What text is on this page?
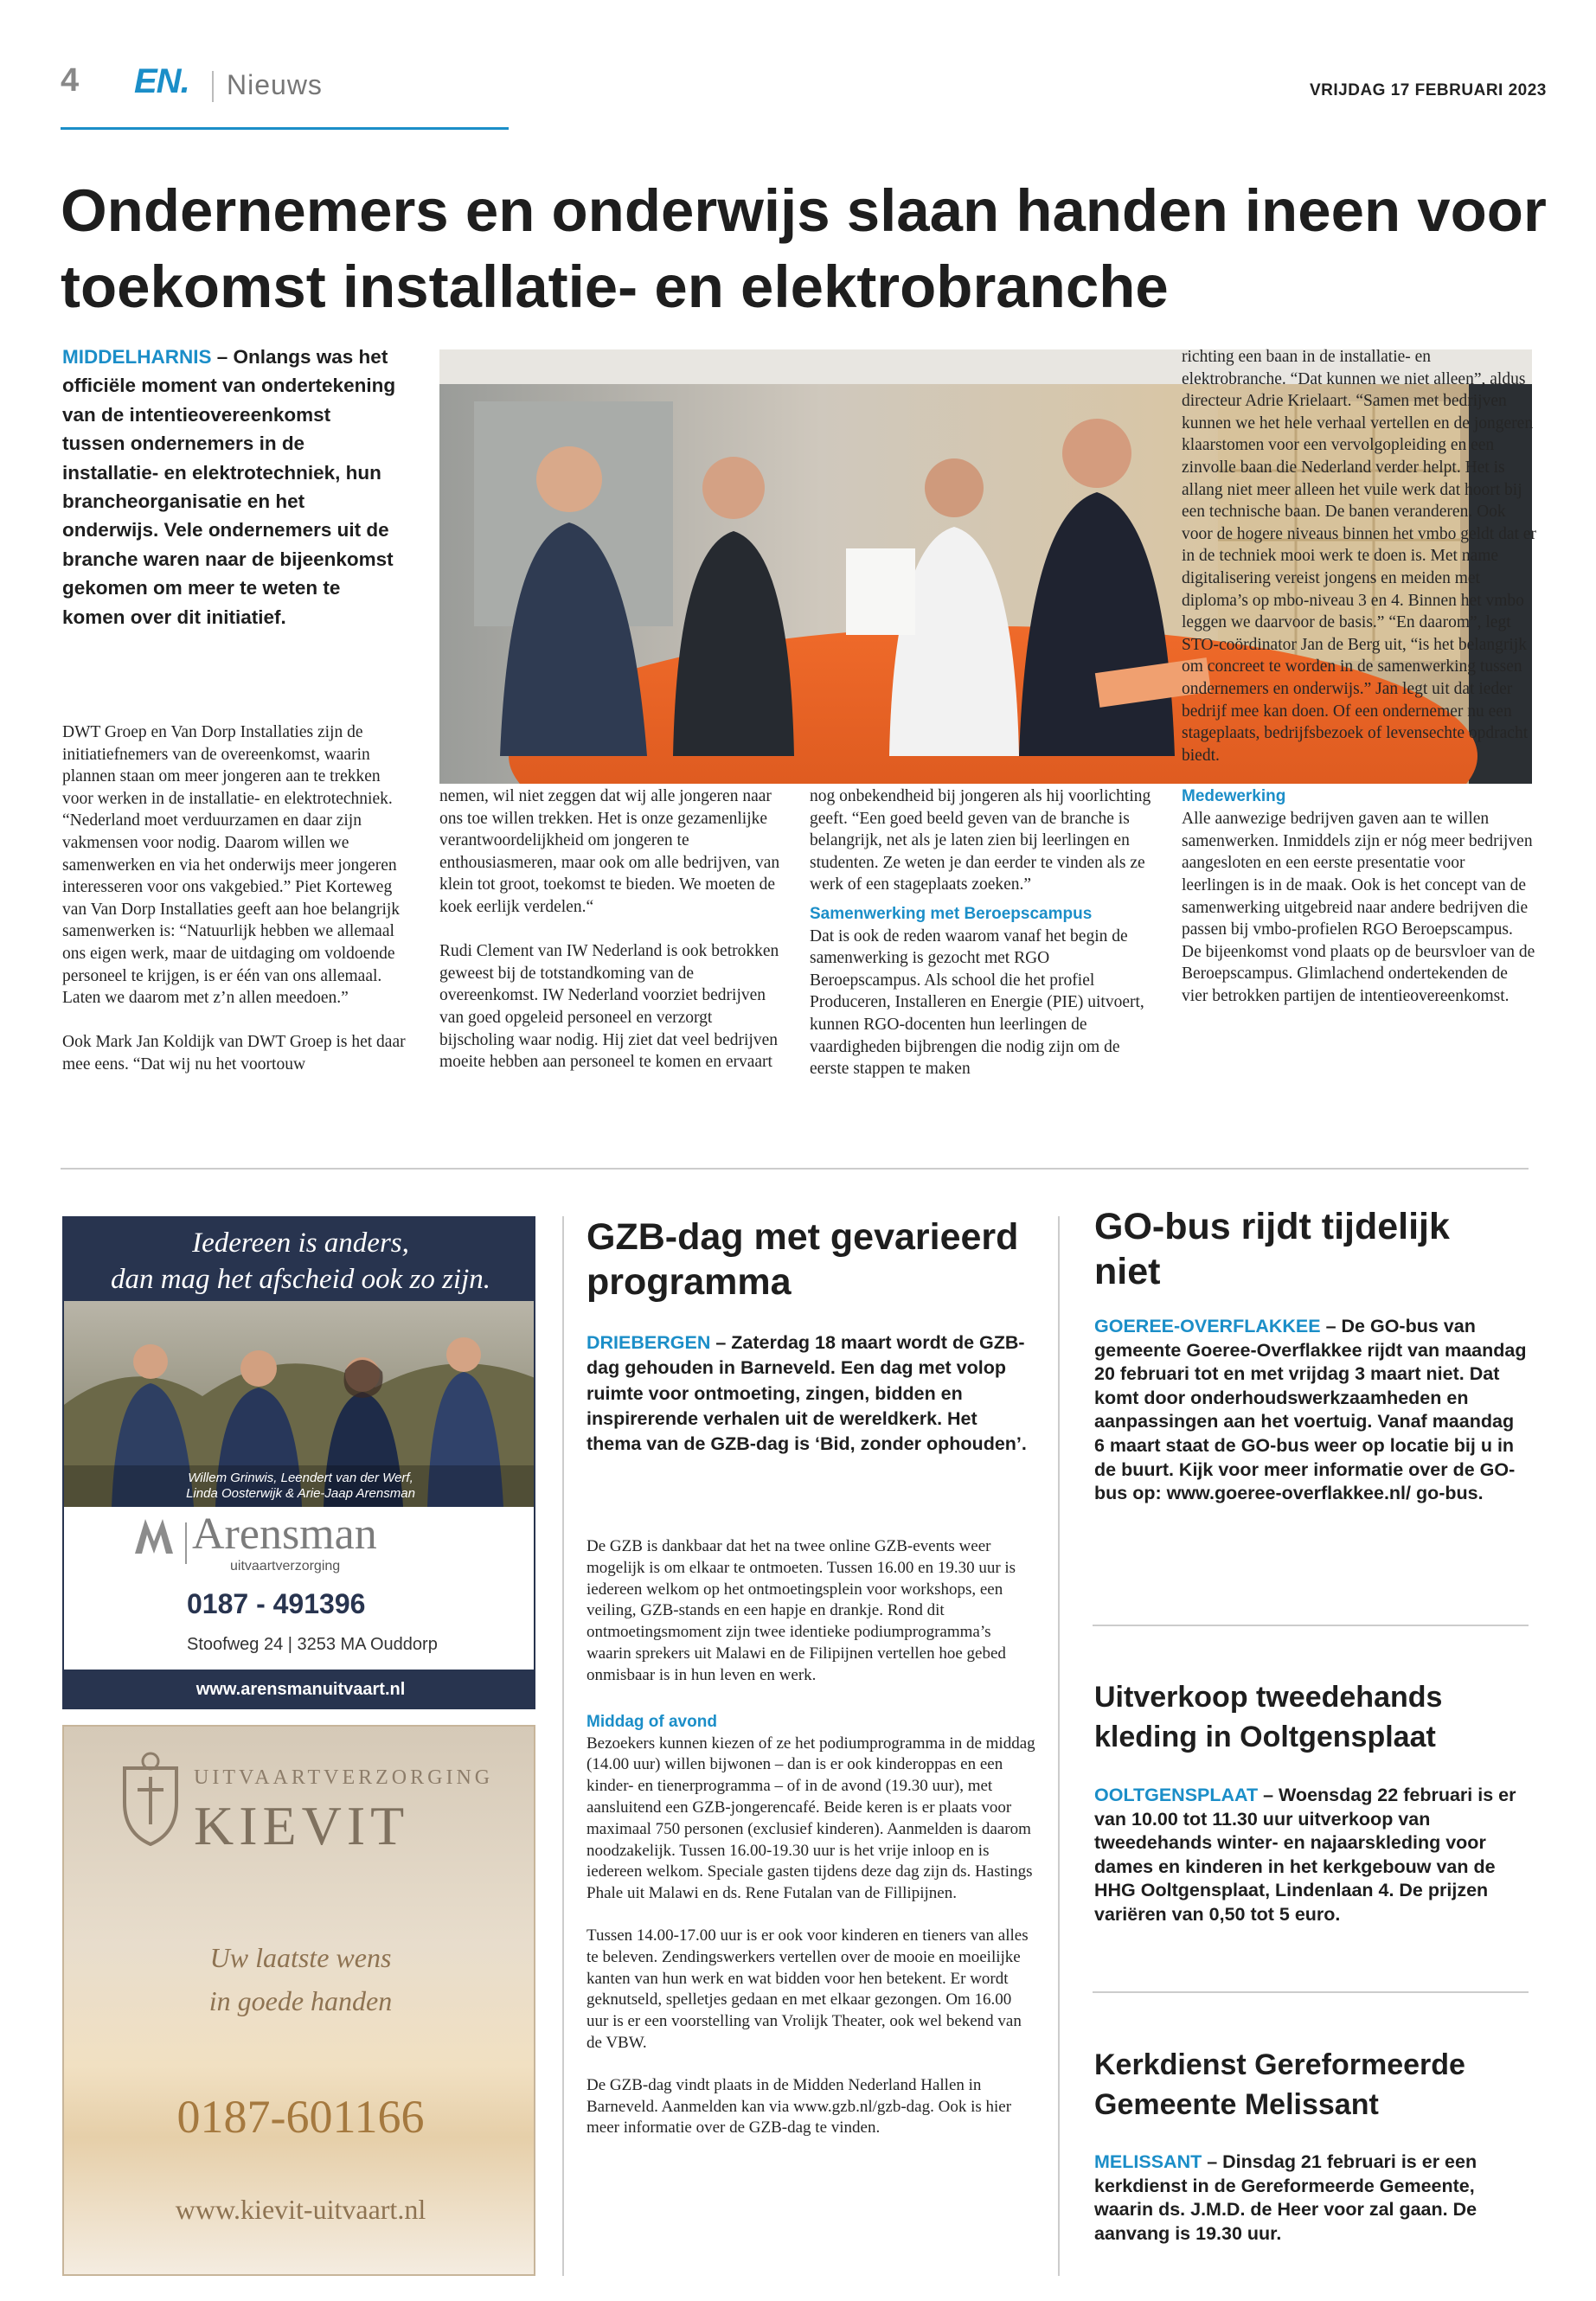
4 EN. Nieuws	VRIJDAG 17 FEBRUARI 2023
Ondernemers en onderwijs slaan handen ineen voor toekomst installatie- en elektrobranche
MIDDELHARNIS – Onlangs was het officiële moment van ondertekening van de intentieovereenkomst tussen ondernemers in de installatie- en elektrotechniek, hun brancheorganisatie en het onderwijs. Vele ondernemers uit de branche waren naar de bijeenkomst gekomen om meer te weten te komen over dit initiatief.

DWT Groep en Van Dorp Installaties zijn de initiatiefnemers van de overeenkomst, waarin plannen staan om meer jongeren aan te trekken voor werken in de installatie- en elektrotechniek. “Nederland moet verduurzamen en daar zijn vakmensen voor nodig. Daarom willen we samenwerken en via het onderwijs meer jongeren interesseren voor ons vakgebied.” Piet Korteweg van Van Dorp Installaties geeft aan hoe belangrijk samenwerken is: “Natuurlijk hebben we allemaal ons eigen werk, maar de uitdaging om voldoende personeel te krijgen, is er één van ons allemaal. Laten we daarom met z’n allen meedoen.”

Ook Mark Jan Koldijk van DWT Groep is het daar mee eens. “Dat wij nu het voortouw

nemen, wil niet zeggen dat wij alle jongeren naar ons toe willen trekken. Het is onze gezamenlijke verantwoordelijkheid om jongeren te enthousiasmeren, maar ook om alle bedrijven, van klein tot groot, toekomst te bieden. We moeten de koek eerlijk verdelen.“

Rudi Clement van IW Nederland is ook betrokken geweest bij de totstandkoming van de overeenkomst. IW Nederland voorziet bedrijven van goed opgeleid personeel en verzorgt bijscholing waar nodig. Hij ziet dat veel bedrijven moeite hebben aan personeel te komen en ervaart

nog onbekendheid bij jongeren als hij voorlichting geeft. “Een goed beeld geven van de branche is belangrijk, net als je laten zien bij leerlingen en studenten. Ze weten je dan eerder te vinden als ze werk of een stageplaats zoeken.”

Samenwerking met Beroepscampus
Dat is ook de reden waarom vanaf het begin de samenwerking is gezocht met RGO Beroepscampus. Als school die het profiel Produceren, Installeren en Energie (PIE) uitvoert, kunnen RGO-docenten hun leerlingen de vaardigheden bijbrengen die nodig zijn om de eerste stappen te maken
richting een baan in de installatie- en elektrobranche. “Dat kunnen we niet alleen”, aldus directeur Adrie Krielaart. “Samen met bedrijven kunnen we het hele verhaal vertellen en de jongeren klaarstomen voor een vervolgopleiding en een zinvolle baan die Nederland verder helpt. Het is allang niet meer alleen het vuile werk dat hoort bij een technische baan. De banen veranderen. Ook voor de hogere niveaus binnen het vmbo geldt dat er in de techniek mooi werk te doen is. Met name digitalisering vereist jongens en meiden met diploma’s op mbo-niveau 3 en 4. Binnen het vmbo leggen we daarvoor de basis.” “En daarom”, legt STO-coördinator Jan de Berg uit, “is het belangrijk om concreet te worden in de samenwerking tussen ondernemers en onderwijs.” Jan legt uit dat ieder bedrijf mee kan doen. Of een ondernemer nu een stageplaats, bedrijfsbezoek of levensechte opdracht biedt.
Medewerking
Alle aanwezige bedrijven gaven aan te willen samenwerken. Inmiddels zijn er nóg meer bedrijven aangesloten en een eerste presentatie voor leerlingen is in de maak. Ook is het concept van de samenwerking uitgebreid naar andere bedrijven die passen bij vmbo-profielen RGO Beroepscampus. De bijeenkomst vond plaats op de beursvloer van de Beroepscampus. Glimlachend ondertekenden de vier betrokken partijen de intentieovereenkomst.
Iedereen is anders,
dan mag het afscheid ook zo zijn.
Willem Grinwis, Leendert van der Werf,
Linda Oosterwijk & Arie-Jaap Arensman
Arensman
uitvaartverzorging
0187 - 491396
Stoofweg 24 | 3253 MA Ouddorp
www.arensmanuitvaart.nl
UITVAARTVERZORGING
KIEVIT
Uw laatste wens
in goede handen
0187-601166
www.kievit-uitvaart.nl
GZB-dag met gevarieerd programma
DRIEBERGEN – Zaterdag 18 maart wordt de GZB-dag gehouden in Barneveld. Een dag met volop ruimte voor ontmoeting, zingen, bidden en inspirerende verhalen uit de wereldkerk. Het thema van de GZB-dag is ‘Bid, zonder ophouden’.
De GZB is dankbaar dat het na twee online GZB-events weer mogelijk is om elkaar te ontmoeten. Tussen 16.00 en 19.30 uur is iedereen welkom op het ontmoetingsplein voor workshops, een veiling, GZB-stands en een hapje en drankje. Rond dit ontmoetingsmoment zijn twee identieke podiumprogramma’s waarin sprekers uit Malawi en de Filipijnen vertellen hoe gebed onmisbaar is in hun leven en werk.
Middag of avond
Bezoekers kunnen kiezen of ze het podiumprogramma in de middag (14.00 uur) willen bijwonen – dan is er ook kinderoppas en een kinder- en tienerprogramma – of in de avond (19.30 uur), met aansluitend een GZB-jongerencafé. Beide keren is er plaats voor maximaal 750 personen (exclusief kinderen). Aanmelden is daarom noodzakelijk. Tussen 16.00-19.30 uur is het vrije inloop en is iedereen welkom. Speciale gasten tijdens deze dag zijn ds. Hastings Phale uit Malawi en ds. Rene Futalan van de Fillipijnen.
Tussen 14.00-17.00 uur is er ook voor kinderen en tieners van alles te beleven. Zendingswerkers vertellen over de mooie en moeilijke kanten van hun werk en wat bidden voor hen betekent. Er wordt geknutseld, spelletjes gedaan en met elkaar gezongen. Om 16.00 uur is er een voorstelling van Vrolijk Theater, ook wel bekend van de VBW.
De GZB-dag vindt plaats in de Midden Nederland Hallen in Barneveld. Aanmelden kan via www.gzb.nl/gzb-dag. Ook is hier meer informatie over de GZB-dag te vinden.
GO-bus rijdt tijdelijk niet
GOEREE-OVERFLAKKEE – De GO-bus van gemeente Goeree-Overflakkee rijdt van maandag 20 februari tot en met vrijdag 3 maart niet. Dat komt door onderhoudswerkzaamheden en aanpassingen aan het voertuig. Vanaf maandag 6 maart staat de GO-bus weer op locatie bij u in de buurt. Kijk voor meer informatie over de GO-bus op: www.goeree-overflakkee.nl/ go-bus.
Uitverkoop tweedehands kleding in Ooltgensplaat
OOLTGENSPLAAT – Woensdag 22 februari is er van 10.00 tot 11.30 uur uitverkoop van tweedehands winter- en najaarskleding voor dames en kinderen in het kerkgebouw van de HHG Ooltgensplaat, Lindenlaan 4. De prijzen variëren van 0,50 tot 5 euro.
Kerkdienst Gereformeerde Gemeente Melissant
MELISSANT – Dinsdag 21 februari is er een kerkdienst in de Gereformeerde Gemeente, waarin ds. J.M.D. de Heer voor zal gaan. De aanvang is 19.30 uur.
